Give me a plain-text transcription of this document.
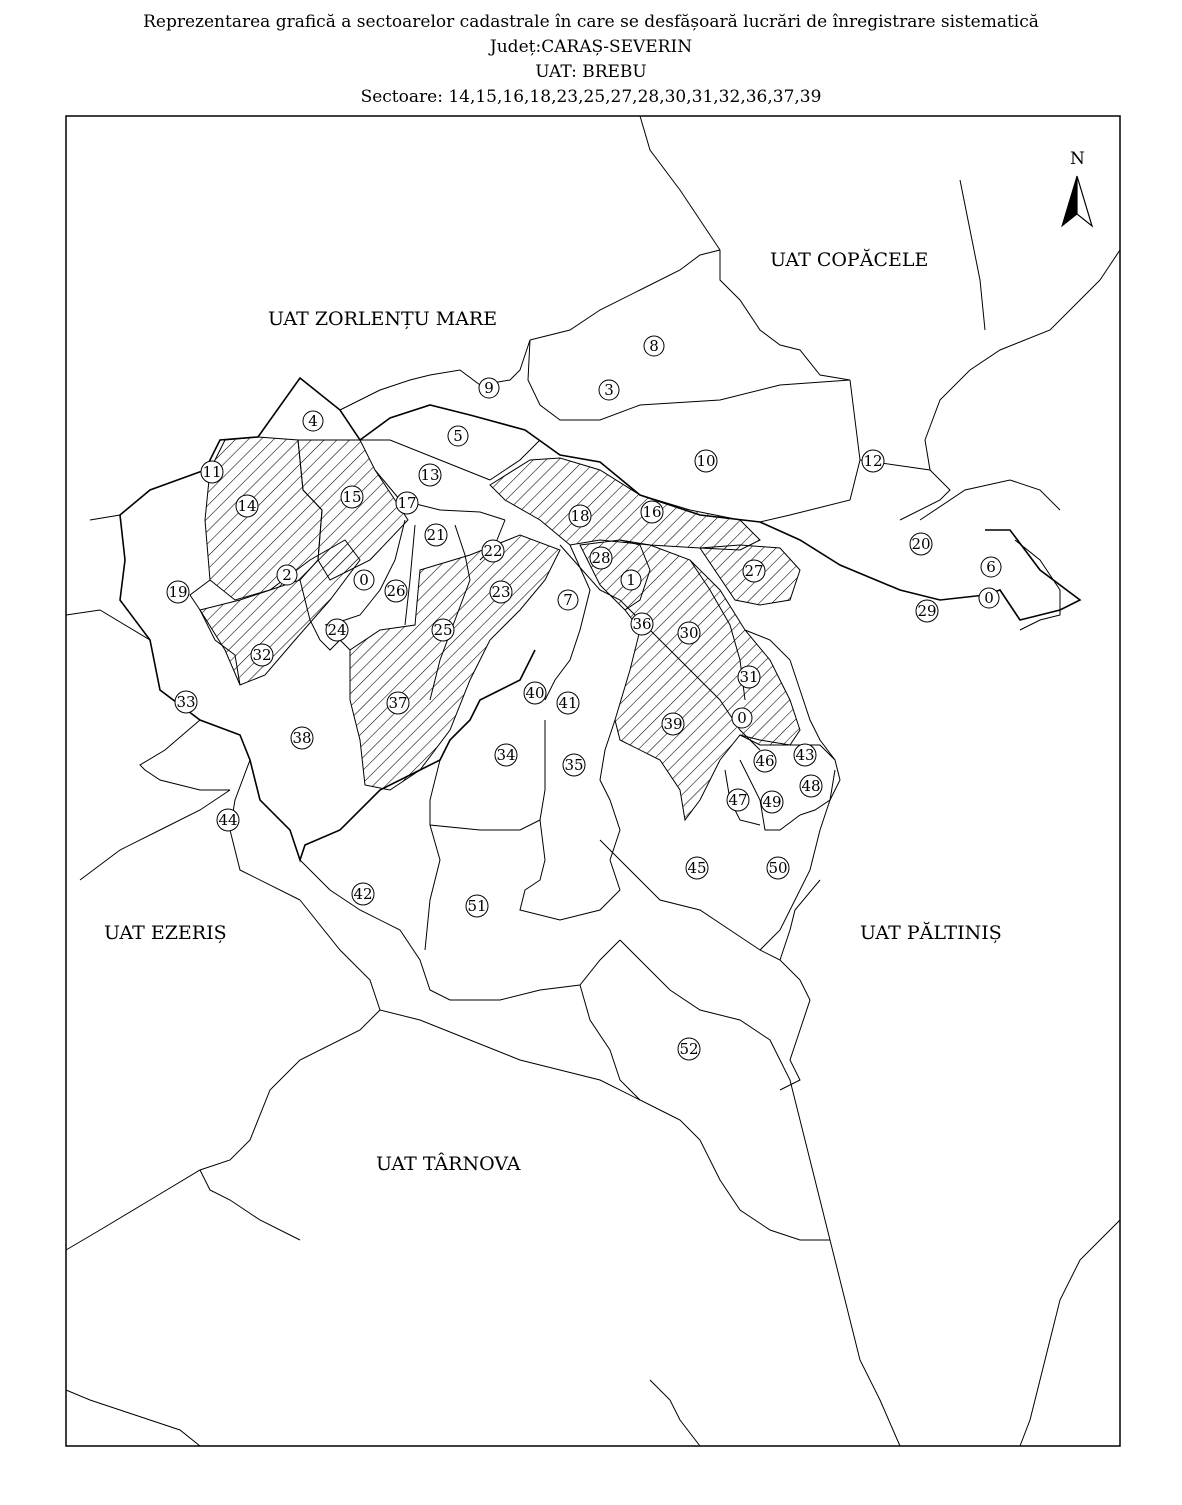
Reprezentarea grafică a sectoarelor cadastrale în care se desfășoară lucrări de înregistrare sistematică
Județ:CARAȘ-SEVERIN
UAT: BREBU
Sectoare: 14,15,16,18,23,25,27,28,30,31,32,36,37,39
UAT COPĂCELE
UAT ZORLENȚU MARE
UAT EZERIȘ	UAT PĂLTINIȘ
UAT TÂRNOVA
N
8
3
9
4
5
10	12
11	13
14	15 17
18	16
21
22	20
6
0
29
2	0
26
28
1	27
19	23	7
24	25	36 30
32
40
41
31
33	37
0
38
39
34
35	46 43
48
47 49
44
45	50
42
51
52
